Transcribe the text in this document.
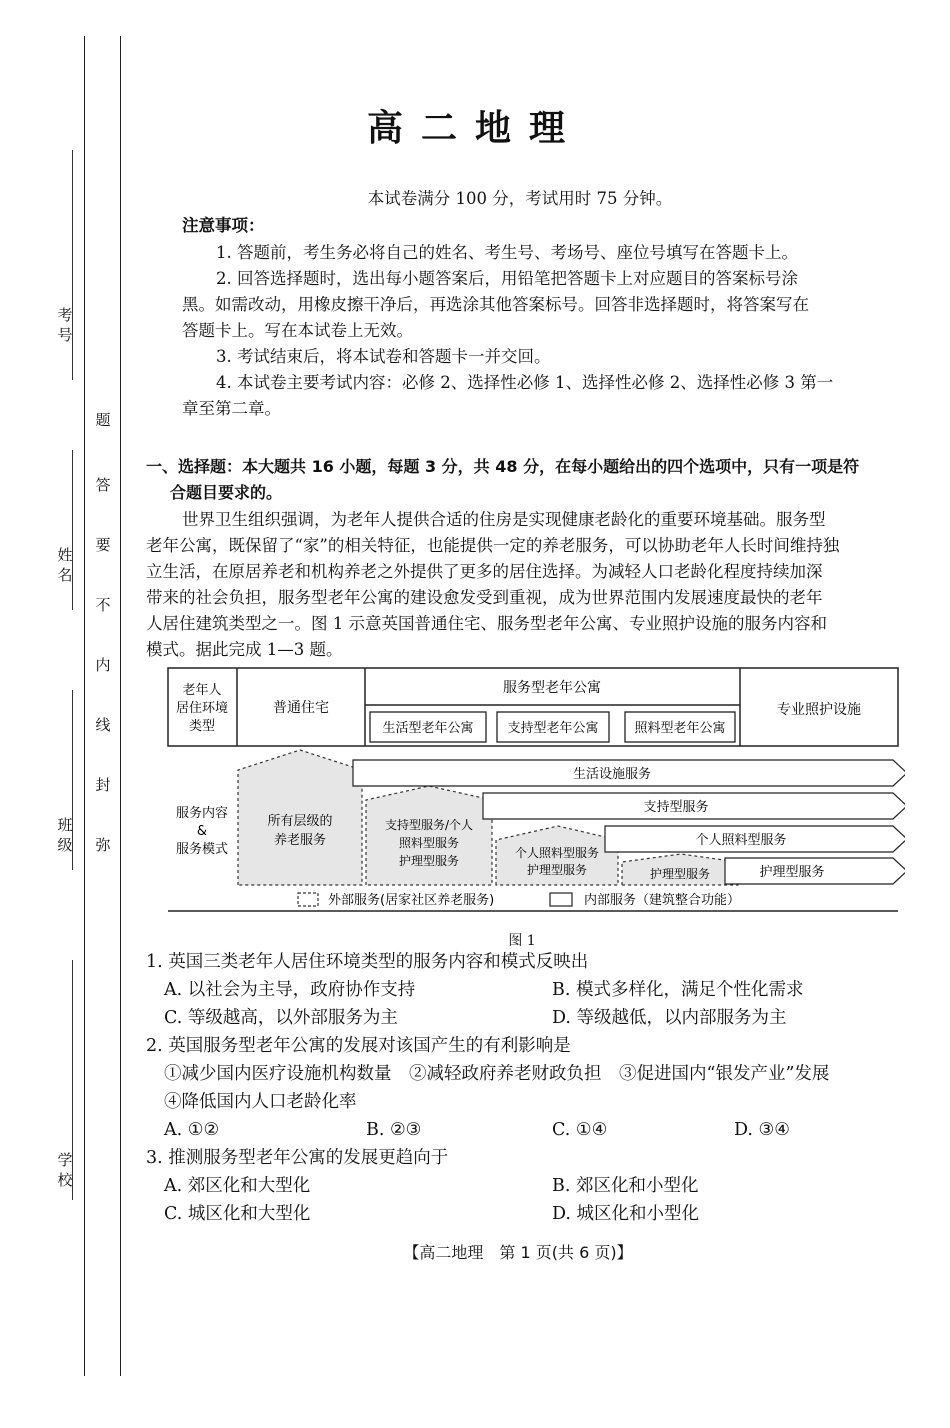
考号
姓名
班级
学校
弥
封
线
内
不
要
答
题
高二地理
本试卷满分 100 分，考试用时 75 分钟。
注意事项：
1. 答题前，考生务必将自己的姓名、考生号、考场号、座位号填写在答题卡上。
2. 回答选择题时，选出每小题答案后，用铅笔把答题卡上对应题目的答案标号涂
黑。如需改动，用橡皮擦干净后，再选涂其他答案标号。回答非选择题时，将答案写在
答题卡上。写在本试卷上无效。
3. 考试结束后，将本试卷和答题卡一并交回。
4. 本试卷主要考试内容：必修 2、选择性必修 1、选择性必修 2、选择性必修 3 第一
章至第二章。
一、选择题：本大题共 16 小题，每题 3 分，共 48 分，在每小题给出的四个选项中，只有一项是符
合题目要求的。
世界卫生组织强调，为老年人提供合适的住房是实现健康老龄化的重要环境基础。服务型
老年公寓，既保留了“家”的相关特征，也能提供一定的养老服务，可以协助老年人长时间维持独
立生活，在原居养老和机构养老之外提供了更多的居住选择。为减轻人口老龄化程度持续加深
带来的社会负担，服务型老年公寓的建设愈发受到重视，成为世界范围内发展速度最快的老年
人居住建筑类型之一。图 1 示意英国普通住宅、服务型老年公寓、专业照护设施的服务内容和
模式。据此完成 1—3 题。
老年人
居住环境
类型
普通住宅
服务型老年公寓
生活型老年公寓	支持型老年公寓	照料型老年公寓
专业照护设施
服务内容
&
服务模式
所有层级的
养老服务
支持型服务/个人
照料型服务
护理型服务
个人照料型服务
护理型服务	护理型服务
生活设施服务
支持型服务
个人照料型服务
护理型服务
外部服务(居家社区养老服务)	内部服务（建筑整合功能）
图 1
1. 英国三类老年人居住环境类型的服务内容和模式反映出
A. 以社会为主导，政府协作支持	B. 模式多样化，满足个性化需求
C. 等级越高，以外部服务为主	D. 等级越低，以内部服务为主
2. 英国服务型老年公寓的发展对该国产生的有利影响是
①减少国内医疗设施机构数量　②减轻政府养老财政负担　③促进国内“银发产业”发展
④降低国内人口老龄化率
A. ①②	B. ②③	C. ①④	D. ③④
3. 推测服务型老年公寓的发展更趋向于
A. 郊区化和大型化	B. 郊区化和小型化
C. 城区化和大型化	D. 城区化和小型化
【高二地理　第 1 页(共 6 页)】
